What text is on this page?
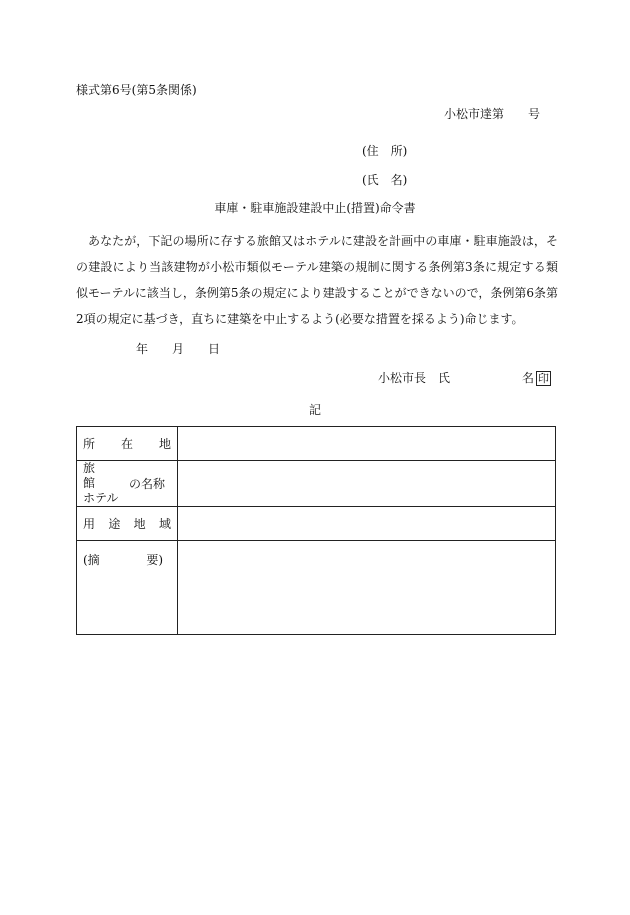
様式第6号(第5条関係)
小松市達第　　号
(住　所)
(氏　名)
車庫・駐車施設建設中止(措置)命令書
あなたが，下記の場所に存する旅館又はホテルに建設を計画中の車庫・駐車施設は，その建設により当該建物が小松市類似モーテル建築の規制に関する条例第3条に規定する類似モーテルに該当し，条例第5条の規定により建設することができないので，条例第6条第2項の規定に基づき，直ちに建築を中止するよう(必要な措置を採るよう)命じます。
年　　月　　日
小松市長　氏　　　　　　名 印
記
所 在 地	

旅
館
ホテル
の名称	

用 途 地 域	

(摘 要)	
